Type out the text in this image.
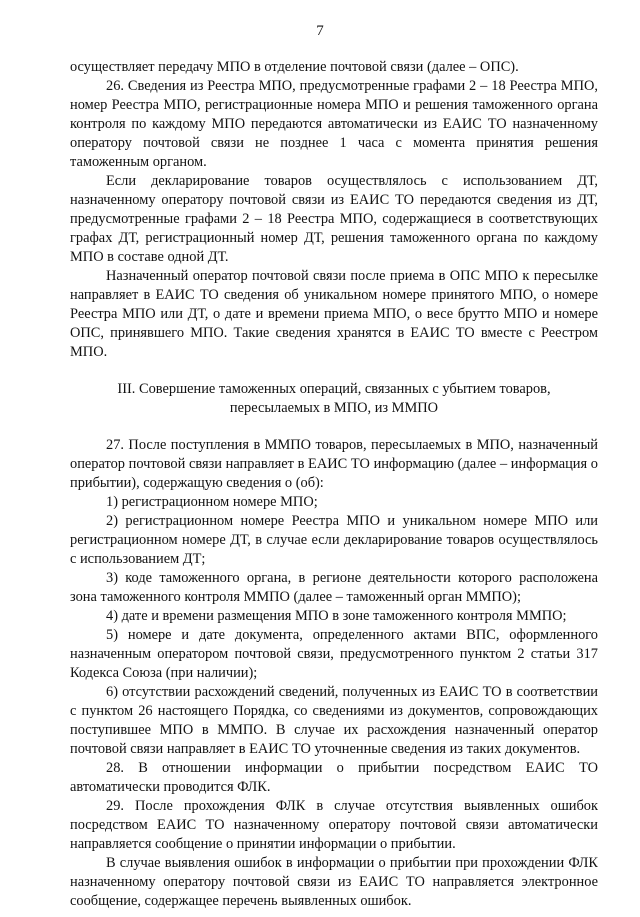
7

осуществляет передачу МПО в отделение почтовой связи (далее – ОПС).

26. Сведения из Реестра МПО, предусмотренные графами 2 – 18 Реестра МПО, номер Реестра МПО, регистрационные номера МПО и решения таможенного органа контроля по каждому МПО передаются автоматически из ЕАИС ТО назначенному оператору почтовой связи не позднее 1 часа с момента принятия решения таможенным органом.

Если декларирование товаров осуществлялось с использованием ДТ, назначенному оператору почтовой связи из ЕАИС ТО передаются сведения из ДТ, предусмотренные графами 2 – 18 Реестра МПО, содержащиеся в соответствующих графах ДТ, регистрационный номер ДТ, решения таможенного органа по каждому МПО в составе одной ДТ.

Назначенный оператор почтовой связи после приема в ОПС МПО к пересылке направляет в ЕАИС ТО сведения об уникальном номере принятого МПО, о номере Реестра МПО или ДТ, о дате и времени приема МПО, о весе брутто МПО и номере ОПС, принявшего МПО. Такие сведения хранятся в ЕАИС ТО вместе с Реестром МПО.

III. Совершение таможенных операций, связанных с убытием товаров,
пересылаемых в МПО, из ММПО

27. После поступления в ММПО товаров, пересылаемых в МПО, назначенный оператор почтовой связи направляет в ЕАИС ТО информацию (далее – информация о прибытии), содержащую сведения о (об):

1) регистрационном номере МПО;

2) регистрационном номере Реестра МПО и уникальном номере МПО или регистрационном номере ДТ, в случае если декларирование товаров осуществлялось с использованием ДТ;

3) коде таможенного органа, в регионе деятельности которого расположена зона таможенного контроля ММПО (далее – таможенный орган ММПО);

4) дате и времени размещения МПО в зоне таможенного контроля ММПО;

5) номере и дате документа, определенного актами ВПС, оформленного назначенным оператором почтовой связи, предусмотренного пунктом 2 статьи 317 Кодекса Союза (при наличии);

6) отсутствии расхождений сведений, полученных из ЕАИС ТО в соответствии с пунктом 26 настоящего Порядка, со сведениями из документов, сопровождающих поступившее МПО в ММПО. В случае их расхождения назначенный оператор почтовой связи направляет в ЕАИС ТО уточненные сведения из таких документов.

28. В отношении информации о прибытии посредством ЕАИС ТО автоматически проводится ФЛК.

29. После прохождения ФЛК в случае отсутствия выявленных ошибок посредством ЕАИС ТО назначенному оператору почтовой связи автоматически направляется сообщение о принятии информации о прибытии.

В случае выявления ошибок в информации о прибытии при прохождении ФЛК назначенному оператору почтовой связи из ЕАИС ТО направляется электронное сообщение, содержащее перечень выявленных ошибок.
